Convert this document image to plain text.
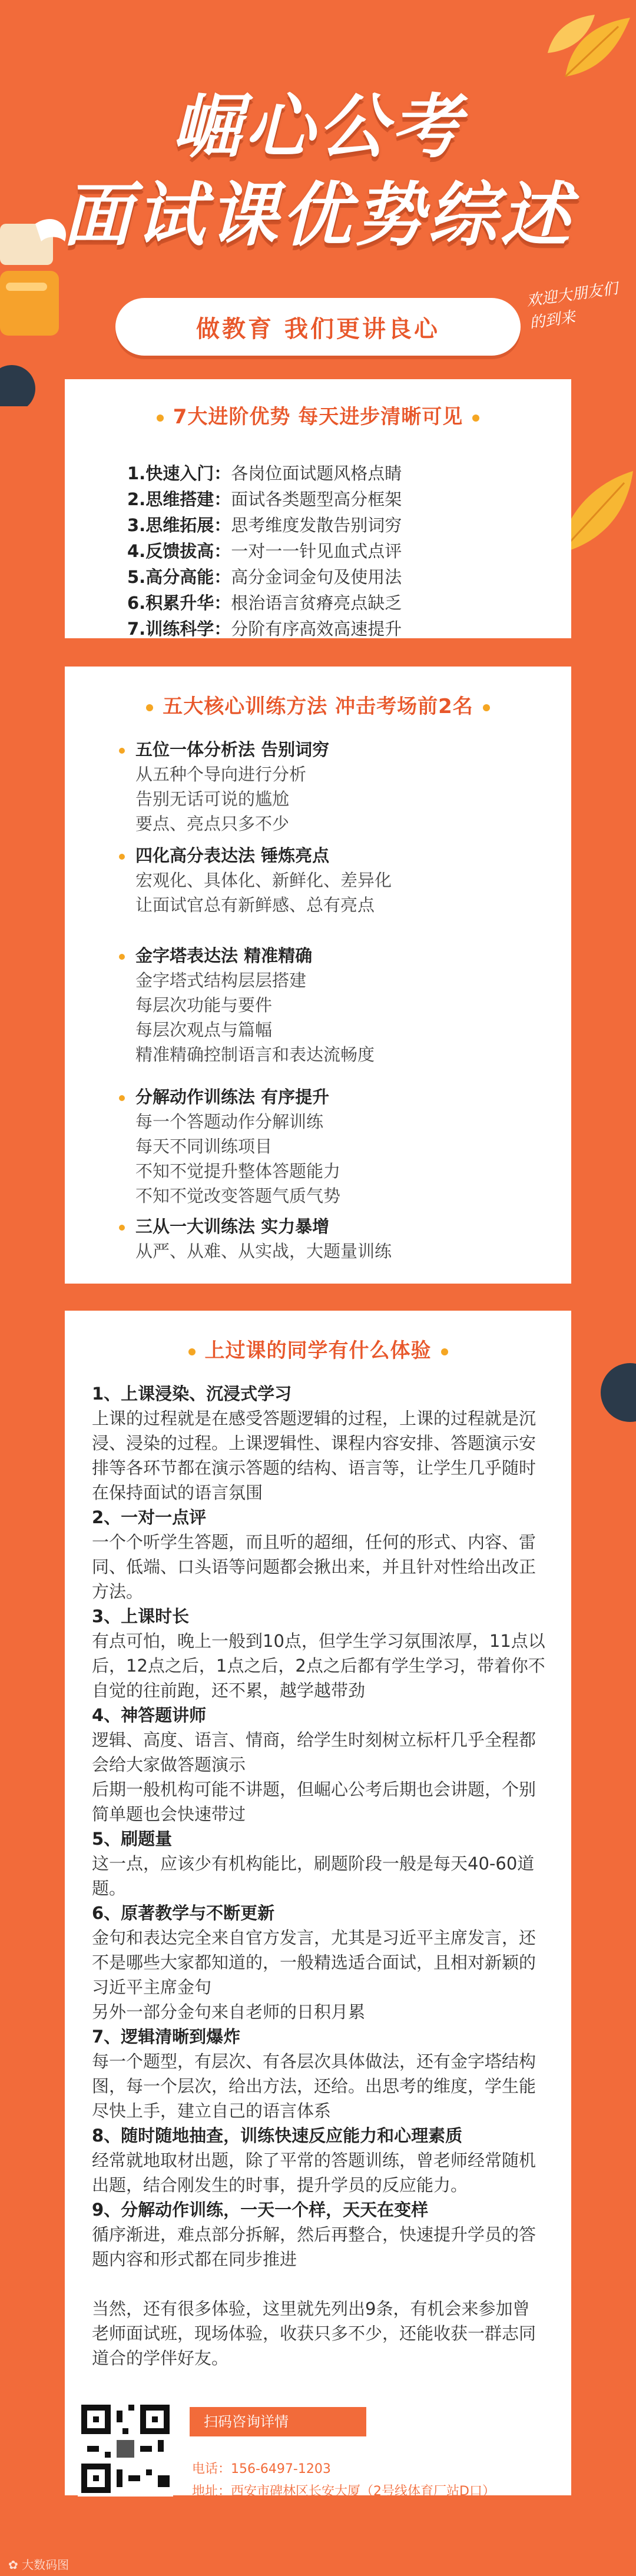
崛心公考
面试课优势综述
做教育 我们更讲良心
欢迎大朋友们的到来
7大进阶优势 每天进步清晰可见
1.快速入门：各岗位面试题风格点睛
2.思维搭建：面试各类题型高分框架
3.思维拓展：思考维度发散告别词穷
4.反馈拔高：一对一一针见血式点评
5.高分高能：高分金词金句及使用法
6.积累升华：根治语言贫瘠亮点缺乏
7.训练科学：分阶有序高效高速提升
五大核心训练方法 冲击考场前2名
五位一体分析法 告别词穷
从五种个导向进行分析
告别无话可说的尴尬
要点、亮点只多不少
四化高分表达法 锤炼亮点
宏观化、具体化、新鲜化、差异化
让面试官总有新鲜感、总有亮点
金字塔表达法 精准精确
金字塔式结构层层搭建
每层次功能与要件
每层次观点与篇幅
精准精确控制语言和表达流畅度
分解动作训练法 有序提升
每一个答题动作分解训练
每天不同训练项目
不知不觉提升整体答题能力
不知不觉改变答题气质气势
三从一大训练法 实力暴增
从严、从难、从实战，大题量训练
上过课的同学有什么体验
1、上课浸染、沉浸式学习

上课的过程就是在感受答题逻辑的过程，上课的过程就是沉浸、浸染的过程。上课逻辑性、课程内容安排、答题演示安排等各环节都在演示答题的结构、语言等，让学生几乎随时在保持面试的语言氛围

2、一对一点评

一个个听学生答题，而且听的超细，任何的形式、内容、雷同、低端、口头语等问题都会揪出来，并且针对性给出改正方法。

3、上课时长

有点可怕，晚上一般到10点，但学生学习氛围浓厚，11点以后，12点之后，1点之后，2点之后都有学生学习，带着你不自觉的往前跑，还不累，越学越带劲

4、神答题讲师

逻辑、高度、语言、情商，给学生时刻树立标杆几乎全程都会给大家做答题演示

后期一般机构可能不讲题，但崛心公考后期也会讲题，个别简单题也会快速带过

5、刷题量

这一点，应该少有机构能比，刷题阶段一般是每天40-60道题。

6、原著教学与不断更新

金句和表达完全来自官方发言，尤其是习近平主席发言，还不是哪些大家都知道的，一般精选适合面试，且相对新颖的习近平主席金句

另外一部分金句来自老师的日积月累

7、逻辑清晰到爆炸

每一个题型，有层次、有各层次具体做法，还有金字塔结构图，每一个层次，给出方法，还给。出思考的维度，学生能尽快上手，建立自己的语言体系

8、随时随地抽查，训练快速反应能力和心理素质

经常就地取材出题，除了平常的答题训练，曾老师经常随机出题，结合刚发生的时事，提升学员的反应能力。

9、分解动作训练，一天一个样，天天在变样

循序渐进，难点部分拆解，然后再整合，快速提升学员的答题内容和形式都在同步推进

当然，还有很多体验，这里就先列出9条，有机会来参加曾老师面试班，现场体验，收获只多不少，还能收获一群志同道合的学伴好友。

扫码咨询详情
电话：156-6497-1203
地址：西安市碑林区长安大厦（2号线体育厂站D口）
✿ 大数码图
